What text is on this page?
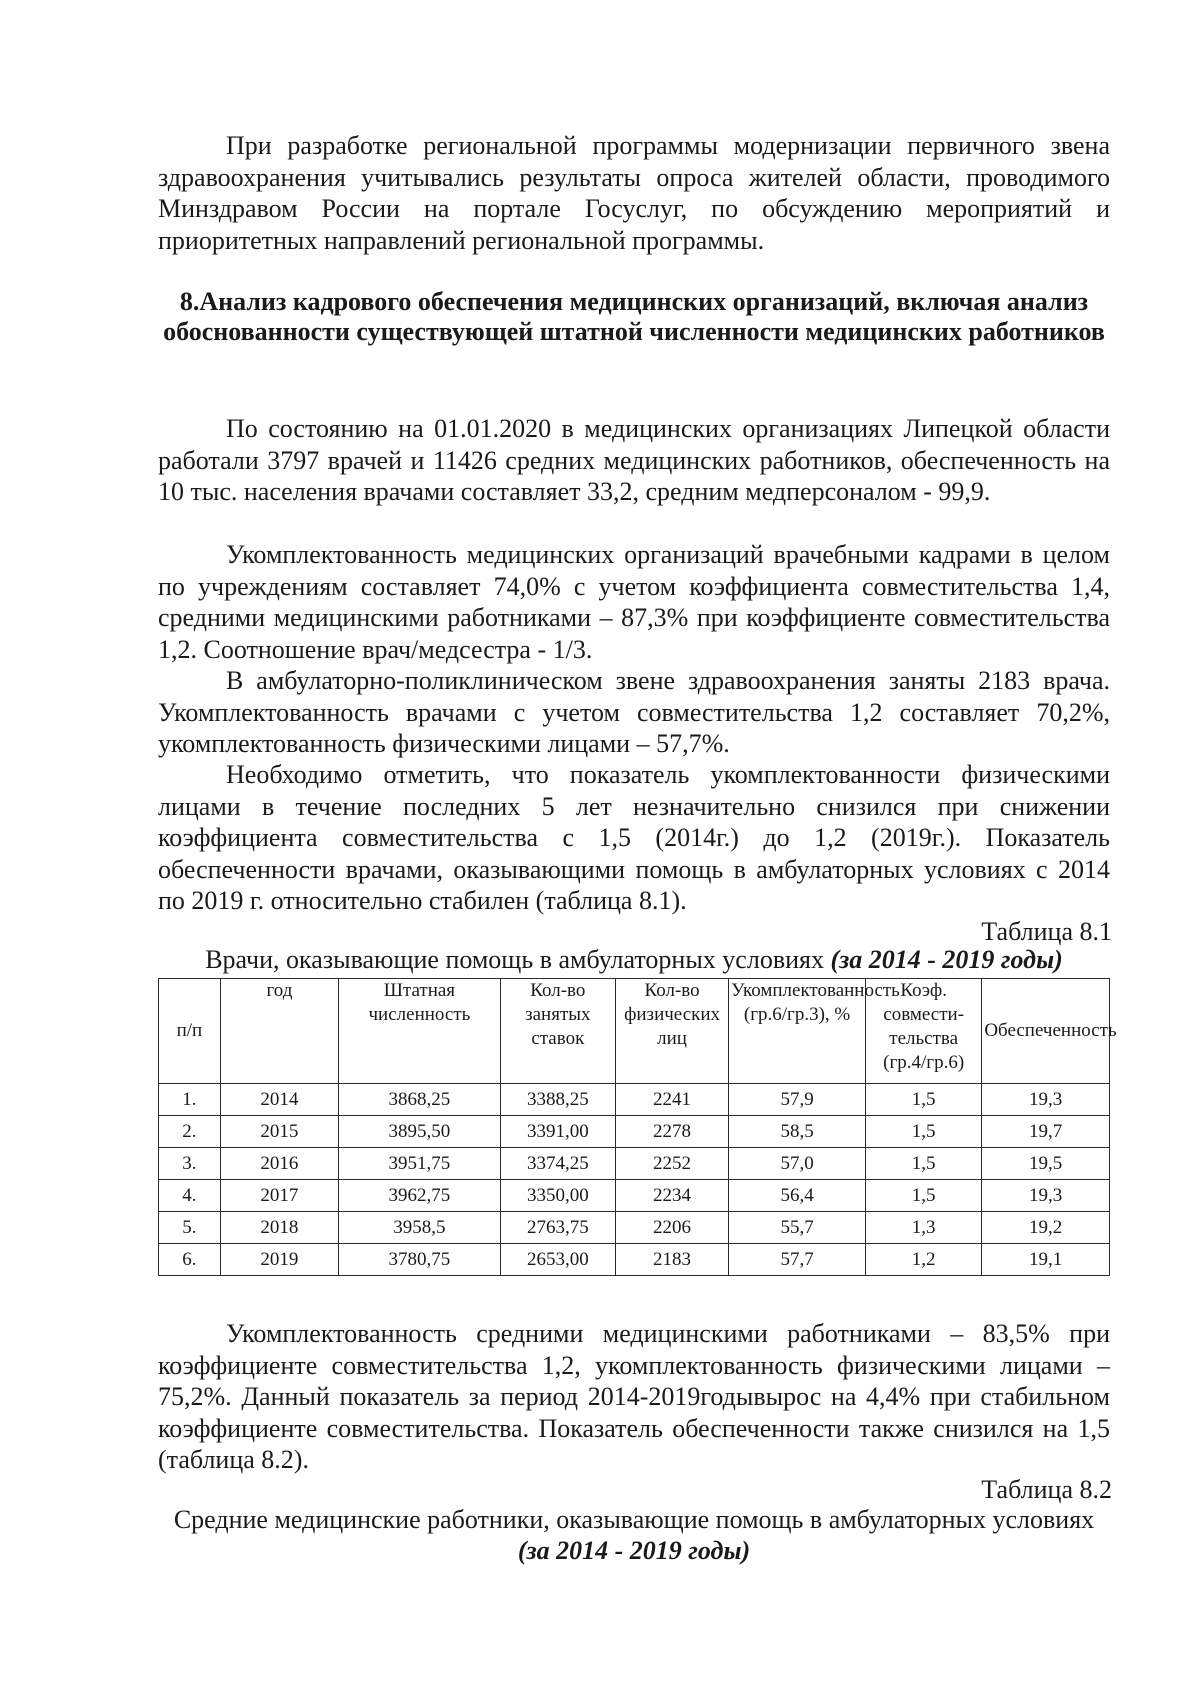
При разработке региональной программы модернизации первичного звена здравоохранения учитывались результаты опроса жителей области, проводимого Минздравом России на портале Госуслуг, по обсуждению мероприятий и приоритетных направлений региональной программы.

8.Анализ кадрового обеспечения медицинских организаций, включая анализ обоснованности существующей штатной численности медицинских работников

По состоянию на 01.01.2020 в медицинских организациях Липецкой области работали 3797 врачей и 11426 средних медицинских работников, обеспеченность на 10 тыс. населения врачами составляет 33,2, средним медперсоналом - 99,9.

Укомплектованность медицинских организаций врачебными кадрами в целом по учреждениям составляет 74,0% с учетом коэффициента совместительства 1,4, средними медицинскими работниками – 87,3% при коэффициенте совместительства 1,2. Соотношение врач/медсестра - 1/3.

В амбулаторно-поликлиническом звене здравоохранения заняты 2183 врача. Укомплектованность врачами с учетом совместительства 1,2 составляет 70,2%, укомплектованность физическими лицами – 57,7%.

Необходимо отметить, что показатель укомплектованности физическими лицами в течение последних 5 лет незначительно снизился при снижении коэффициента совместительства с 1,5 (2014г.) до 1,2 (2019г.). Показатель обеспеченности врачами, оказывающими помощь в амбулаторных условиях с 2014 по 2019 г. относительно стабилен (таблица 8.1).

Таблица 8.1

Врачи, оказывающие помощь в амбулаторных условиях (за 2014 - 2019 годы)

п/п	год	Штатная численность	Кол-во занятых ставок	Кол-во физических лиц	Укомплектованность (гр.6/гр.3), %	Коэф. совмести-тельства (гр.4/гр.6)	Обеспеченность
1.	2014	3868,25	3388,25	2241	57,9	1,5	19,3
2.	2015	3895,50	3391,00	2278	58,5	1,5	19,7
3.	2016	3951,75	3374,25	2252	57,0	1,5	19,5
4.	2017	3962,75	3350,00	2234	56,4	1,5	19,3
5.	2018	3958,5	2763,75	2206	55,7	1,3	19,2
6.	2019	3780,75	2653,00	2183	57,7	1,2	19,1

Укомплектованность средними медицинскими работниками – 83,5% при коэффициенте совместительства 1,2, укомплектованность физическими лицами – 75,2%. Данный показатель за период 2014-2019годывырос на 4,4% при стабильном коэффициенте совместительства. Показатель обеспеченности также снизился на 1,5 (таблица 8.2).

Таблица 8.2

Средние медицинские работники, оказывающие помощь в амбулаторных условиях

(за 2014 - 2019 годы)
